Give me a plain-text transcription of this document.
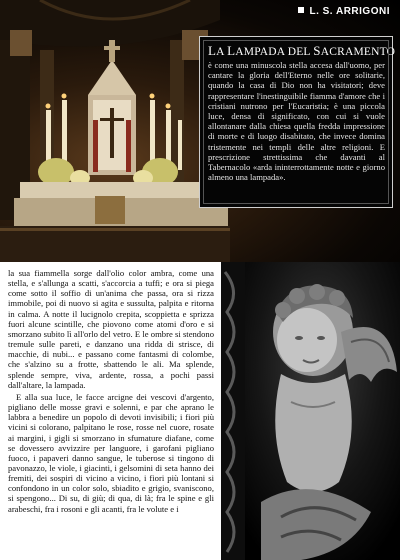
L. S. ARRIGONI
LA LAMPADA DEL SACRAMENTO

è come una minuscola stella accesa dall'uomo, per cantare la gloria dell'Eterno nelle ore solitarie, quando la casa di Dio non ha visitatori; deve rappresentare l'inestinguibile fiamma d'amore che i cristiani nutrono per l'Eucaristia; è una piccola luce, densa di significato, con cui si vuole allontanare dalla chiesa quella fredda impressione di morte e di luogo disabitato, che invece domina tristemente nei templi delle altre religioni. E prescrizione strettissima che davanti al Tabernacolo «arda ininterrottamente notte e giorno almeno una lampada».

la sua fiammella sorge dall'olio color ambra, come una stella, e s'allunga a scatti, s'accorcia a tuffi; e ora si piega come sotto il soffio di un'anima che passa, ora si rizza immobile, poi di nuovo si agita e sussulta, palpita e ritorna in calma. A notte il lucignolo crepita, scoppietta e sprizza fuori alcune scintille, che piovono come atomi d'oro e si smorzano subito lì all'orlo del vetro. E le ombre si stendono tremule sulle pareti, e danzano una ridda di strisce, di macchie, di nubi... e passano come fantasmi di colombe, che s'alzino su a frotte, sbattendo le ali. Ma splende, splende sempre, viva, ardente, rossa, a pochi passi dall'altare, la lampada.

E alla sua luce, le facce arcigne dei vescovi d'argento, pigliano delle mosse gravi e solenni, e par che aprano le labbra a benedire un popolo di devoti invisibili; i fiori più vicini si colorano, palpitano le rose, rosse nel cuore, rosate ai margini, i gigli si smorzano in sfumature diafane, come se dovessero avvizzire per languore, i garofani pigliano fuoco, i papaveri danno sangue, le tuberose si tingono di pavonazzo, le viole, i giacinti, i gelsomini di seta hanno dei fremiti, dei sospiri di vicino a vicino, i fiori più lontani si confondono in un color solo, sbiadito e grigio, svaniscono, si spengono... Di su, di giù; di qua, di là; fra le spine e gli arabeschi, fra i rosoni e gli acanti, fra le volute e i
